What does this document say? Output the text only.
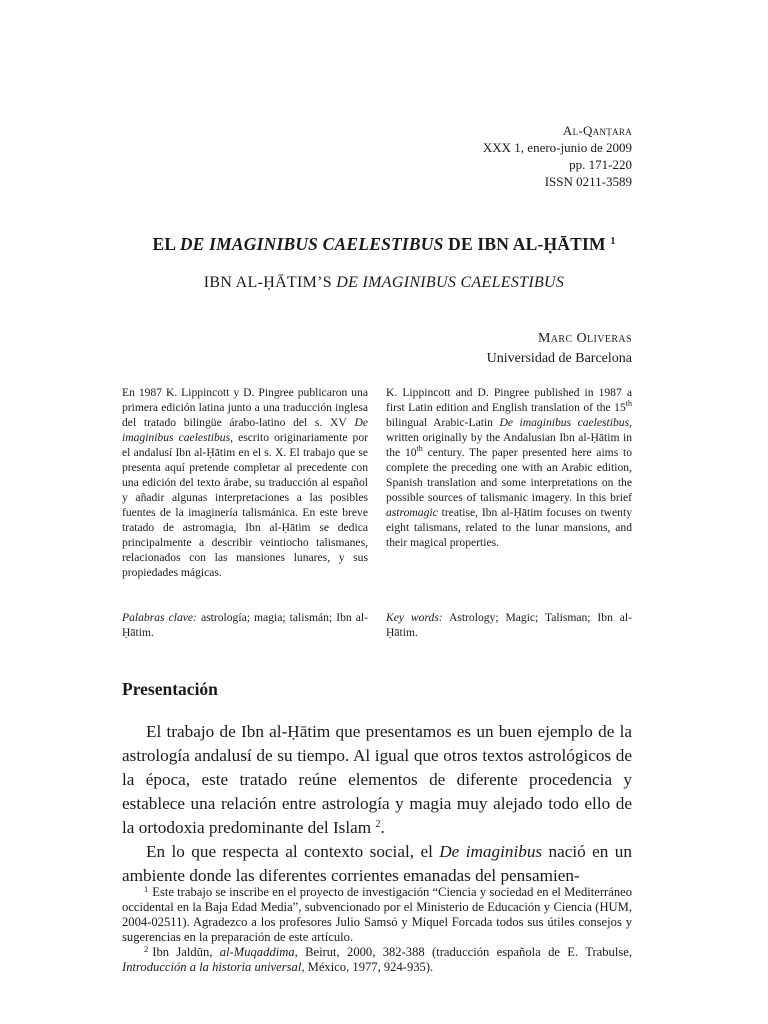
Al-Qanṭara
XXX 1, enero-junio de 2009
pp. 171-220
ISSN 0211-3589
EL DE IMAGINIBUS CAELESTIBUS DE IBN AL-ḤĀTIM $^1$
IBN AL-ḤĀTIM’S DE IMAGINIBUS CAELESTIBUS
Marc Oliveras
Universidad de Barcelona

En 1987 K. Lippincott y D. Pingree publicaron una primera edición latina junto a una traducción inglesa del tratado bilingüe árabo-latino del s. XV De imaginibus caelestibus, escrito originariamente por el andalusí Ibn al-Ḥātim en el s. X. El trabajo que se presenta aquí pretende completar al precedente con una edición del texto árabe, su traducción al español y añadir algunas interpretaciones a las posibles fuentes de la imaginería talismánica. En este breve tratado de astromagia, Ibn al-Ḥātim se dedica principalmente a describir veintiocho talismanes, relacionados con las mansiones lunares, y sus propiedades mágicas.

Palabras clave: astrología; magia; talismán; Ibn al-Ḥātim.

K. Lippincott and D. Pingree published in 1987 a first Latin edition and English translation of the 15th bilingual Arabic-Latin De imaginibus caelestibus, written originally by the Andalusian Ibn al-Ḥātim in the 10th century. The paper presented here aims to complete the preceding one with an Arabic edition, Spanish translation and some interpretations on the possible sources of talismanic imagery. In this brief astromagic treatise, Ibn al-Ḥātim focuses on twenty eight talismans, related to the lunar mansions, and their magical properties.

Key words: Astrology; Magic; Talisman; Ibn al-Ḥātim.

Presentación

El trabajo de Ibn al-Ḥātim que presentamos es un buen ejemplo de la astrología andalusí de su tiempo. Al igual que otros textos astrológicos de la época, este tratado reúne elementos de diferente procedencia y establece una relación entre astrología y magia muy alejado todo ello de la ortodoxia predominante del Islam $^2$.

En lo que respecta al contexto social, el De imaginibus nació en un ambiente donde las diferentes corrientes emanadas del pensamien-

$^1$ Este trabajo se inscribe en el proyecto de investigación “Ciencia y sociedad en el Mediterráneo occidental en la Baja Edad Media”, subvencionado por el Ministerio de Educación y Ciencia (HUM, 2004-02511). Agradezco a los profesores Julio Samsó y Miquel Forcada todos sus útiles consejos y sugerencias en la preparación de este artículo.

$^2$ Ibn Jaldūn, al-Muqaddima, Beirut, 2000, 382-388 (traducción española de E. Trabulse, Introducción a la historia universal, México, 1977, 924-935).
